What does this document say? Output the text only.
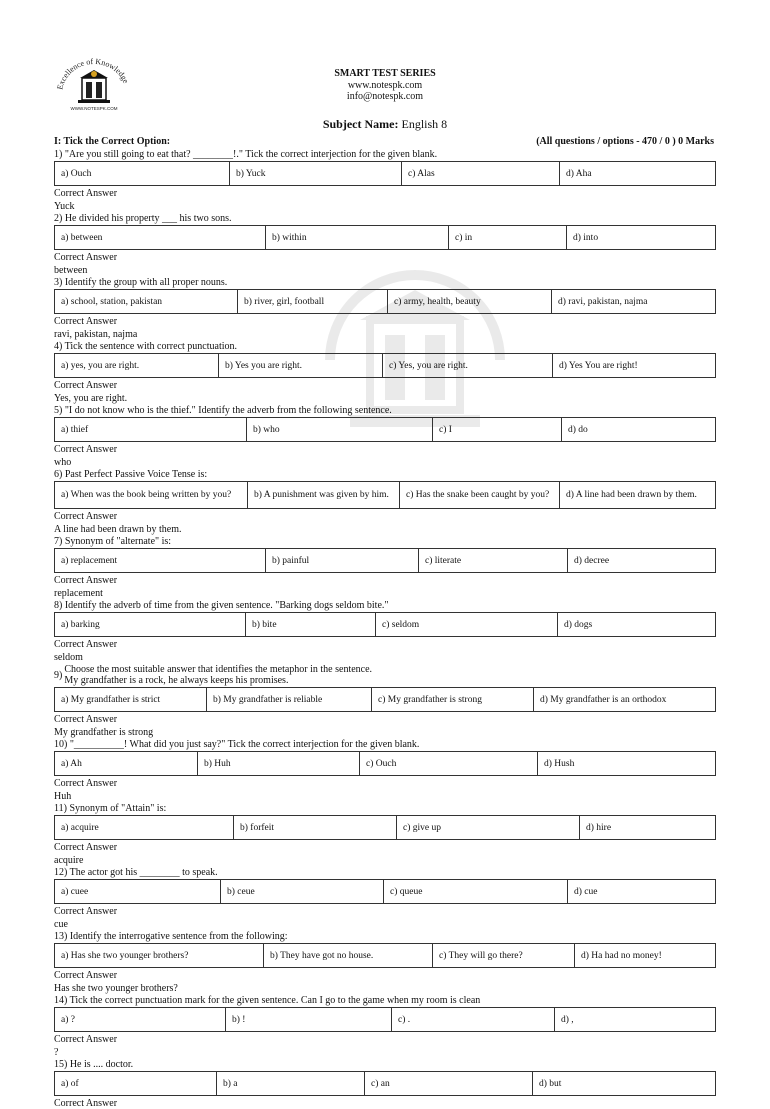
Excellence of Knowledge
WWW.NOTESPK.COM
SMART TEST SERIES
www.notespk.com
info@notespk.com
Subject Name: English 8
I: Tick the Correct Option:	(All questions / options - 470 / 0 ) 0 Marks
1) "Are you still going to eat that? ________!." Tick the correct interjection for the given blank.
a) Ouch	b) Yuck	c) Alas	d) Aha
Correct Answer
Yuck
2) He divided his property ___ his two sons.
a) between	b) within	c) in	d) into
Correct Answer
between
3) Identify the group with all proper nouns.
a) school, station, pakistan	b) river, girl, football	c) army, health, beauty	d) ravi, pakistan, najma
Correct Answer
ravi, pakistan, najma
4) Tick the sentence with correct punctuation.
a) yes, you are right.	b) Yes you are right.	c) Yes, you are right.	d) Yes You are right!
Correct Answer
Yes, you are right.
5) "I do not know who is the thief." Identify the adverb from the following sentence.
a) thief	b) who	c) I	d) do
Correct Answer
who
6) Past Perfect Passive Voice Tense is:
a) When was the book being written by you?	b) A punishment was given by him.	c) Has the snake been caught by you?	d) A line had been drawn by them.
Correct Answer
A line had been drawn by them.
7) Synonym of "alternate" is:
a) replacement	b) painful	c) literate	d) decree
Correct Answer
replacement
8) Identify the adverb of time from the given sentence. "Barking dogs seldom bite."
a) barking	b) bite	c) seldom	d) dogs
Correct Answer
seldom
9) Choose the most suitable answer that identifies the metaphor in the sentence.
My grandfather is a rock, he always keeps his promises.
a) My grandfather is strict	b) My grandfather is reliable	c) My grandfather is strong	d) My grandfather is an orthodox
Correct Answer
My grandfather is strong
10) "__________! What did you just say?" Tick the correct interjection for the given blank.
a) Ah	b) Huh	c) Ouch	d) Hush
Correct Answer
Huh
11) Synonym of "Attain" is:
a) acquire	b) forfeit	c) give up	d) hire
Correct Answer
acquire
12) The actor got his ________ to speak.
a) cuee	b) ceue	c) queue	d) cue
Correct Answer
cue
13) Identify the interrogative sentence from the following:
a) Has she two younger brothers?	b) They have got no house.	c) They will go there?	d) Ha had no money!
Correct Answer
Has she two younger brothers?
14) Tick the correct punctuation mark for the given sentence. Can I go to the game when my room is clean
a) ?	b) !	c) .	d) ,
Correct Answer
?
15) He is .... doctor.
a) of	b) a	c) an	d) but
Correct Answer
